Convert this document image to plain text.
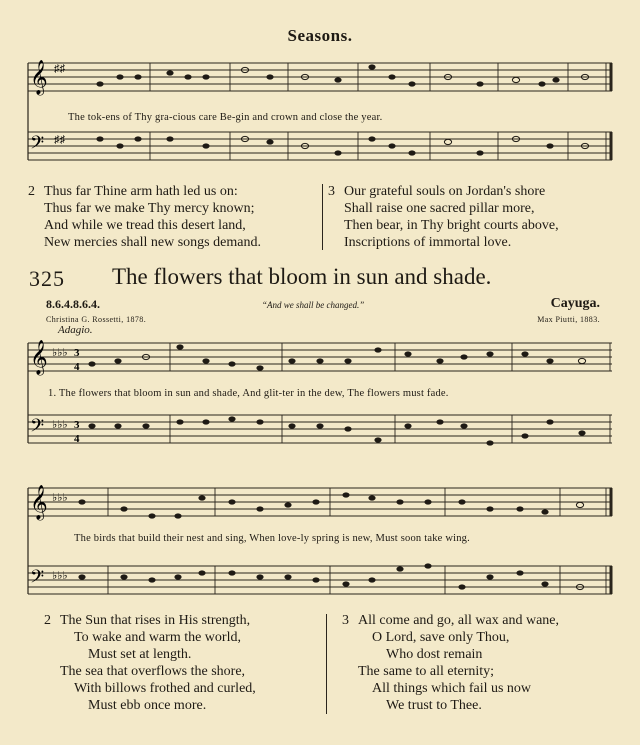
Seasons.
𝄞
𝄢
♯♯
♯♯
The tok-ens of Thy gra-cious care Be-gin and crown and close the year.
2 Thus far Thine arm hath led us on:
Thus far we make Thy mercy known;
And while we tread this desert land,
New mercies shall new songs demand.
3 Our grateful souls on Jordan's shore
Shall raise one sacred pillar more,
Then bear, in Thy bright courts above,
Inscriptions of immortal love.
325 The flowers that bloom in sun and shade.
8.6.4.8.6.4.	“And we shall be changed.”	Cayuga.
Christina G. Rossetti, 1878.	Max Piutti, 1883.
Adagio.
𝄞
𝄢
♭♭♭
♭♭♭
3
4
3
4
1. The flowers that bloom in sun and shade, And glit-ter in the dew, The flowers must fade.
𝄞
𝄢
♭♭♭
♭♭♭
The birds that build their nest and sing, When love-ly spring is new, Must soon take wing.
2 The Sun that rises in His strength,
To wake and warm the world,
Must set at length.
The sea that overflows the shore,
With billows frothed and curled,
Must ebb once more.
3 All come and go, all wax and wane,
O Lord, save only Thou,
Who dost remain
The same to all eternity;
All things which fail us now
We trust to Thee.
